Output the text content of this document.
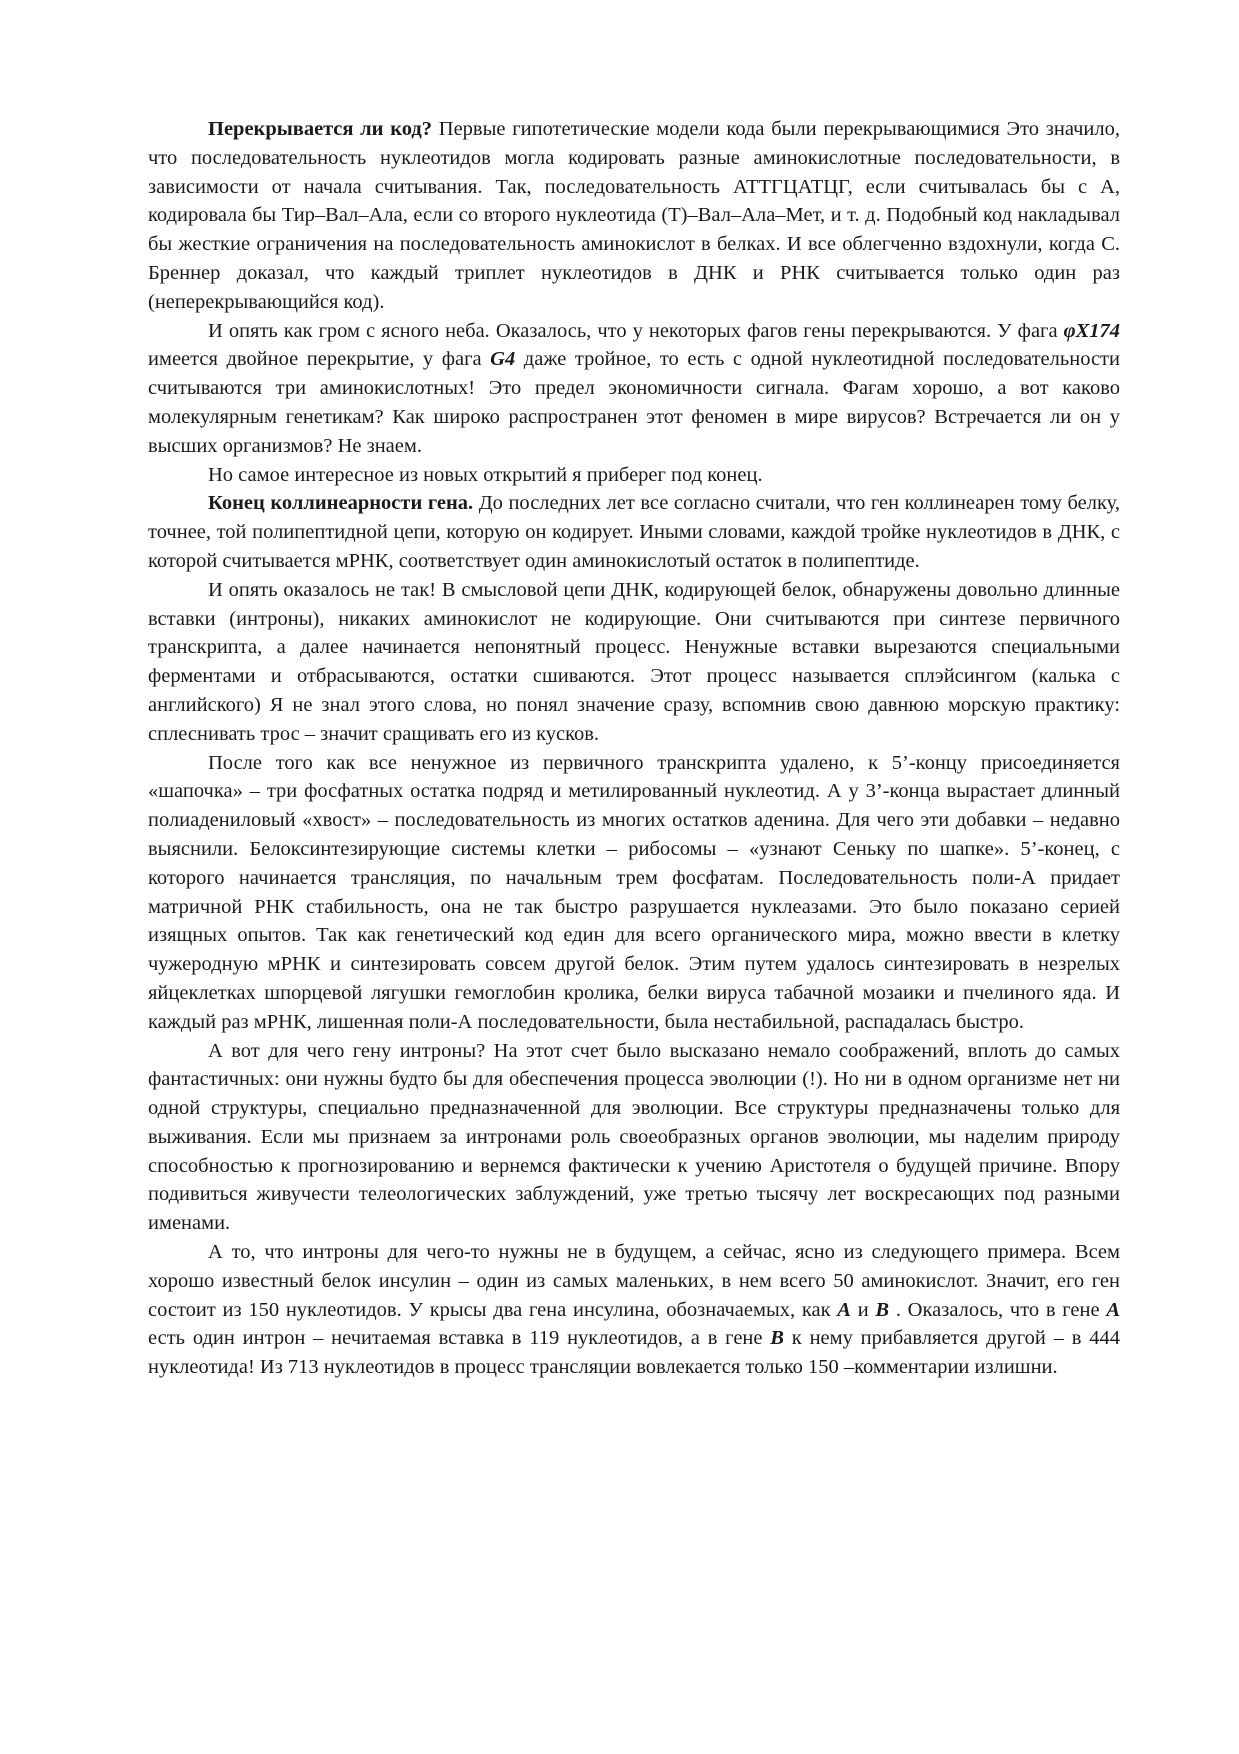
Перекрываетcя ли код? Первые гипотетические модели кода были перекрывающимися Это значило, что последовательность нуклеотидов могла кодировать разные аминокислотные последовательности, в зависимости от начала считывания. Так, последовательность АТТГЦАТЦГ, если считывалась бы с А, кодировала бы Тир–Вал–Ала, если со второго нуклеотида (Т)–Вал–Ала–Мет, и т. д. Подобный код накладывал бы жесткие ограничения на последовательность аминокислот в белках. И все облегченно вздохнули, когда С. Бреннер доказал, что каждый триплет нуклеотидов в ДНК и РНК считывается только один раз (неперекрывающийся код).

И опять как гром с ясного неба. Оказалось, что у некоторых фагов гены перекрываются. У фага φX174 имеется двойное перекрытие, у фага G4 даже тройное, то есть с одной нуклеотидной последовательности считываются три аминокислотных! Это предел экономичности сигнала. Фагам хорошо, а вот каково молекулярным генетикам? Как широко распространен этот феномен в мире вирусов? Встречается ли он у высших организмов? Не знаем.

Но самое интересное из новых открытий я приберег под конец.

Конец коллинеарности гена. До последних лет все согласно считали, что ген коллинеарен тому белку, точнее, той полипептидной цепи, которую он кодирует. Иными словами, каждой тройке нуклеотидов в ДНК, с которой считывается мРНК, соответствует один аминокислотый остаток в полипептиде.

И опять оказалось не так! В смысловой цепи ДНК, кодирующей белок, обнаружены довольно длинные вставки (интроны), никаких аминокислот не кодирующие. Они считываются при синтезе первичного транскрипта, а далее начинается непонятный процесс. Ненужные вставки вырезаются специальными ферментами и отбрасываются, остатки сшиваются. Этот процесс называется сплэйсингом (калька с английского) Я не знал этого слова, но понял значение сразу, вспомнив свою давнюю морскую практику: сплеснивать трос – значит сращивать его из кусков.

После того как все ненужное из первичного транскрипта удалено, к 5’-концу присоединяется «шапочка» – три фосфатных остатка подряд и метилированный нуклеотид. А у 3’-конца вырастает длинный полиадениловый «хвост» – последовательность из многих остатков аденина. Для чего эти добавки – недавно выяснили. Белоксинтезирующие системы клетки – рибосомы – «узнают Сеньку по шапке». 5’-конец, с которого начинается трансляция, по начальным трем фосфатам. Последовательность поли-А придает матричной РНК стабильность, она не так быстро разрушается нуклеазами. Это было показано серией изящных опытов. Так как генетический код един для всего органического мира, можно ввести в клетку чужеродную мРНК и синтезировать совсем другой белок. Этим путем удалось синтезировать в незрелых яйцеклетках шпорцевой лягушки гемоглобин кролика, белки вируса табачной мозаики и пчелиного яда. И каждый раз мРНК, лишенная поли-А последовательности, была нестабильной, распадалась быстро.

А вот для чего гену интроны? На этот счет было высказано немало соображений, вплоть до самых фантастичных: они нужны будто бы для обеспечения процесса эволюции (!). Но ни в одном организме нет ни одной структуры, специально предназначенной для эволюции. Все структуры предназначены только для выживания. Если мы признаем за интронами роль своеобразных органов эволюции, мы наделим природу способностью к прогнозированию и вернемся фактически к учению Аристотеля о будущей причине. Впору подивиться живучести телеологических заблуждений, уже третью тысячу лет воскресающих под разными именами.

А то, что интроны для чего-то нужны не в будущем, а сейчас, ясно из следующего примера. Всем хорошо известный белок инсулин – один из самых маленьких, в нем всего 50 аминокислот. Значит, его ген состоит из 150 нуклеотидов. У крысы два гена инсулина, обозначаемых, как A и B . Оказалось, что в гене A есть один интрон – нечитаемая вставка в 119 нуклеотидов, а в гене B к нему прибавляется другой – в 444 нуклеотида! Из 713 нуклеотидов в процесс трансляции вовлекается только 150 –комментарии излишни.
